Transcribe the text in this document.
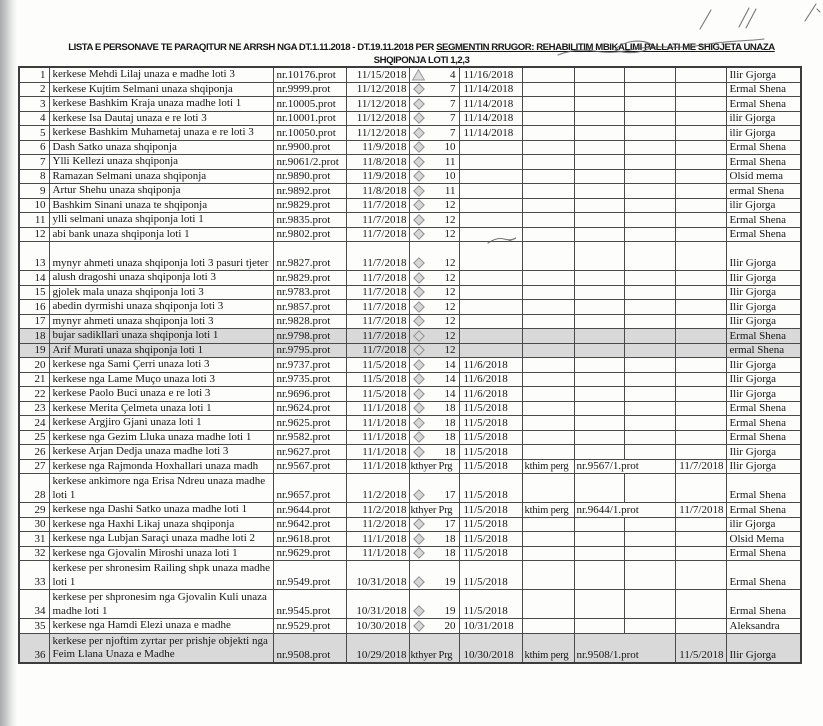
LISTA E PERSONAVE TE PARAQITUR NE ARRSH NGA DT.1.11.2018 - DT.19.11.2018 PER SEGMENTIN RRUGOR: REHABILITIM MBIKALIMI PALLATI ME SHIGJETA UNAZA
SHQIPONJA LOTI 1,2,3
1	kerkese Mehdi Lilaj unaza e madhe loti 3	nr.10176.prot	11/15/2018	4	11/16/2018					Ilir Gjorga
2	kerkese Kujtim Selmani unaza shqiponja	nr.9999.prot	11/12/2018	7	11/14/2018					Ermal Shena
3	kerkese Bashkim Kraja unaza madhe loti 1	nr.10005.prot	11/12/2018	7	11/14/2018					Ermal Shena
4	kerkese Isa Dautaj unaza e re loti 3	nr.10001.prot	11/12/2018	7	11/14/2018					ilir Gjorga
5	kerkese Bashkim Muhametaj unaza e re loti 3	nr.10050.prot	11/12/2018	7	11/14/2018					ilir Gjorga
6	Dash Satko unaza shqiponja	nr.9900.prot	11/9/2018	10						Ermal Shena
7	Ylli Kellezi unaza shqiponja	nr.9061/2.prot	11/8/2018	11						Ermal Shena
8	Ramazan Selmani unaza shqiponja	nr.9890.prot	11/9/2018	10						Olsid mema
9	Artur Shehu unaza shqiponja	nr.9892.prot	11/8/2018	11						ermal Shena
10	Bashkim Sinani unaza te shqiponja	nr.9829.prot	11/7/2018	12						ilir Gjorga
11	ylli selmani unaza shqiponja loti 1	nr.9835.prot	11/7/2018	12						Ermal Shena
12	abi bank unaza shqiponja loti 1	nr.9802.prot	11/7/2018	12						Ermal Shena
13	mynyr ahmeti unaza shqiponja loti 3 pasuri tjeter	nr.9827.prot	11/7/2018	12						Ilir Gjorga
14	alush dragoshi unaza shqiponja loti 3	nr.9829.prot	11/7/2018	12						Ilir Gjorga
15	gjolek mala unaza shqiponja loti 3	nr.9783.prot	11/7/2018	12						Ilir Gjorga
16	abedin dyrmishi unaza shqiponja loti 3	nr.9857.prot	11/7/2018	12						Ilir Gjorga
17	mynyr ahmeti unaza shqiponja loti 3	nr.9828.prot	11/7/2018	12						Ilir Gjorga
18	bujar sadikllari unaza shqiponja loti 1	nr.9798.prot	11/7/2018	12						Ermal Shena
19	Arif Murati unaza shqiponja loti 1	nr.9795.prot	11/7/2018	12						ermal Shena
20	kerkese nga Sami Çerri unaza loti 3	nr.9737.prot	11/5/2018	14	11/6/2018					Ilir Gjorga
21	kerkese nga Lame Muço unaza loti 3	nr.9735.prot	11/5/2018	14	11/6/2018					Ilir Gjorga
22	kerkese Paolo Buci unaza e re loti 3	nr.9696.prot	11/5/2018	14	11/6/2018					Ilir Gjorga
23	kerkese Merita Çelmeta unaza loti 1	nr.9624.prot	11/1/2018	18	11/5/2018					Ermal Shena
24	kerkese Argjiro Gjani unaza loti 1	nr.9625.prot	11/1/2018	18	11/5/2018					Ermal Shena
25	kerkese nga Gezim Lluka unaza madhe loti 1	nr.9582.prot	11/1/2018	18	11/5/2018					Ermal Shena
26	kerkese Arjan Dedja unaza madhe loti 3	nr.9627.prot	11/1/2018	18	11/5/2018					Ilir Gjorga
27	kerkese nga Rajmonda Hoxhallari unaza madh	nr.9567.prot	11/1/2018	kthyer Prg	11/5/2018	kthim perg	nr.9567/1.prot		11/7/2018	Ilir Gjorga
28	kerkese ankimore nga Erisa Ndreu unaza madhe loti 1	nr.9657.prot	11/2/2018	17	11/5/2018					Ermal Shena
29	kerkese nga Dashi Satko unaza madhe loti 1	nr.9644.prot	11/2/2018	kthyer Prg	11/5/2018	kthim perg	nr.9644/1.prot		11/7/2018	Ermal Shena
30	kerkese nga Haxhi Likaj unaza shqiponja	nr.9642.prot	11/2/2018	17	11/5/2018					ilir Gjorga
31	kerkese nga Lubjan Saraçi unaza madhe loti 2	nr.9618.prot	11/1/2018	18	11/5/2018					Olsid Mema
32	kerkese nga Gjovalin Miroshi unaza loti 1	nr.9629.prot	11/1/2018	18	11/5/2018					Ermal Shena
33	kerkese per shronesim Railing shpk unaza madhe loti 1	nr.9549.prot	10/31/2018	19	11/5/2018					Ermal Shena
34	kerkese per shpronesim nga Gjovalin Kuli unaza madhe loti 1	nr.9545.prot	10/31/2018	19	11/5/2018					Ermal Shena
35	kerkese nga Hamdi Elezi unaza e madhe	nr.9529.prot	10/30/2018	20	10/31/2018					Aleksandra
36	kerkese per njoftim zyrtar per prishje objekti nga Feim Llana Unaza e Madhe	nr.9508.prot	10/29/2018	kthyer Prg	10/30/2018	kthim perg	nr.9508/1.prot		11/5/2018	Ilir Gjorga
